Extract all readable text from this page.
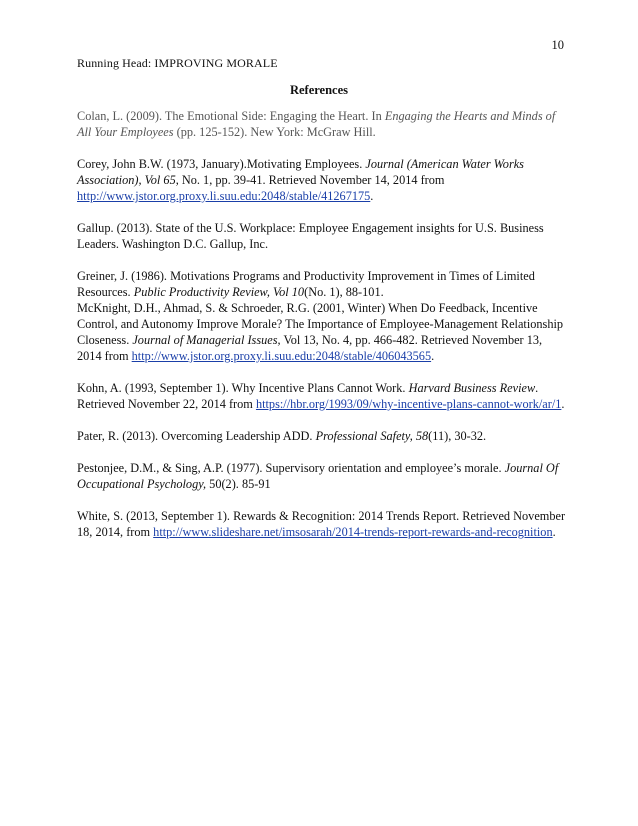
10
Running Head: IMPROVING MORALE
References

Colan, L. (2009). The Emotional Side: Engaging the Heart. In Engaging the Hearts and Minds of All Your Employees (pp. 125-152). New York: McGraw Hill.

Corey, John B.W. (1973, January).Motivating Employees. Journal (American Water Works Association), Vol 65, No. 1, pp. 39-41. Retrieved November 14, 2014 from http://www.jstor.org.proxy.li.suu.edu:2048/stable/41267175.

Gallup. (2013). State of the U.S. Workplace: Employee Engagement insights for U.S. Business Leaders. Washington D.C. Gallup, Inc.

Greiner, J. (1986). Motivations Programs and Productivity Improvement in Times of Limited Resources. Public Productivity Review, Vol 10(No. 1), 88-101.

McKnight, D.H., Ahmad, S. & Schroeder, R.G. (2001, Winter) When Do Feedback, Incentive Control, and Autonomy Improve Morale? The Importance of Employee-Management Relationship Closeness. Journal of Managerial Issues, Vol 13, No. 4, pp. 466-482. Retrieved November 13, 2014 from http://www.jstor.org.proxy.li.suu.edu:2048/stable/406043565.

Kohn, A. (1993, September 1). Why Incentive Plans Cannot Work. Harvard Business Review. Retrieved November 22, 2014 from https://hbr.org/1993/09/why-incentive-plans-cannot-work/ar/1.

Pater, R. (2013). Overcoming Leadership ADD. Professional Safety, 58(11), 30-32.

Pestonjee, D.M., & Sing, A.P. (1977). Supervisory orientation and employee’s morale. Journal Of Occupational Psychology, 50(2). 85-91

White, S. (2013, September 1). Rewards & Recognition: 2014 Trends Report. Retrieved November 18, 2014, from http://www.slideshare.net/imsosarah/2014-trends-report-rewards-and-recognition.
